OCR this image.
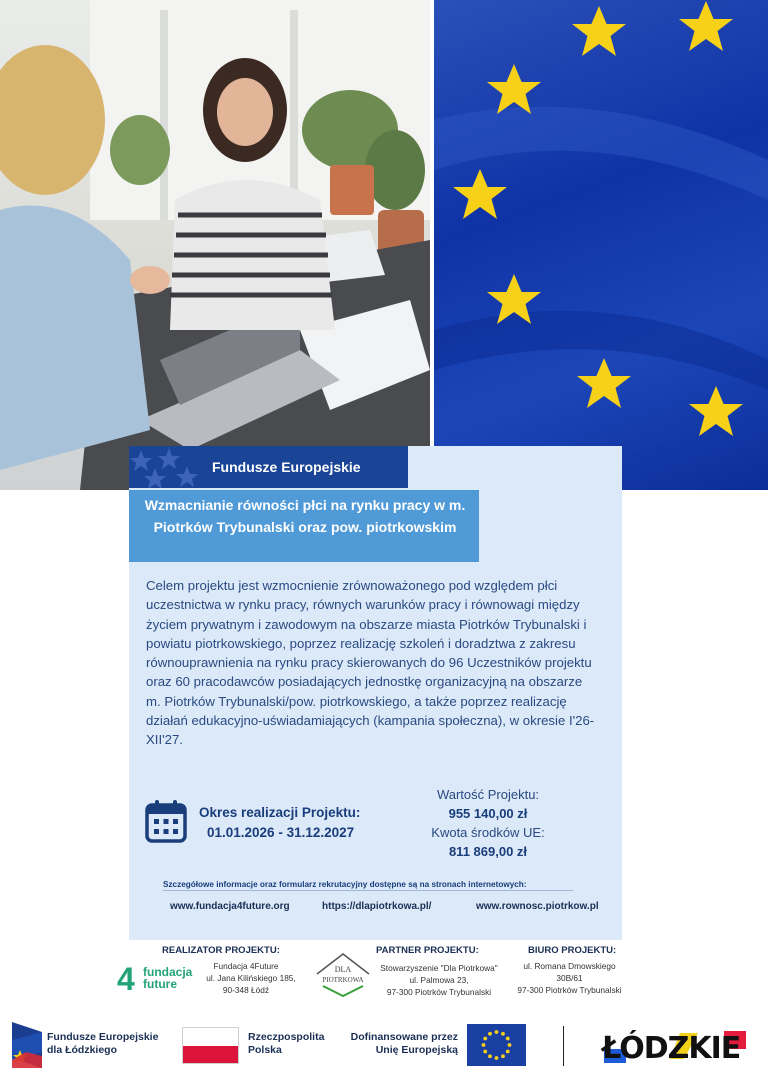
Fundusze Europejskie
Wzmacnianie równości płci na rynku pracy w m. Piotrków Trybunalski oraz pow. piotrkowskim

Celem projektu jest wzmocnienie zrównoważonego pod względem płci uczestnictwa w rynku pracy, równych warunków pracy i równowagi między życiem prywatnym i zawodowym na obszarze miasta Piotrków Trybunalski i powiatu piotrkowskiego, poprzez realizację szkoleń i doradztwa z zakresu równouprawnienia na rynku pracy skierowanych do 96 Uczestników projektu oraz 60 pracodawców posiadających jednostkę organizacyjną na obszarze m. Piotrków Trybunalski/pow. piotrkowskiego, a także poprzez realizację działań edukacyjno-uświadamiających (kampania społeczna), w okresie I'26-XII'27.

Okres realizacji Projektu:
01.01.2026 - 31.12.2027
Wartość Projektu:
955 140,00 zł
Kwota środków UE:
811 869,00 zł
Szczegółowe informacje oraz formularz rekrutacyjny dostępne są na stronach internetowych:
www.fundacja4future.org	https://dlapiotrkowa.pl/	www.rownosc.piotrkow.pl
REALIZATOR PROJEKTU:
4 fundacja
future
Fundacja 4Future
ul. Jana Kilińskiego 185,
90-348 Łódź
PARTNER PROJEKTU:
DLA
PIOTRKOWA
Stowarzyszenie "Dla Piotrkowa"
ul. Palmowa 23,
97-300 Piotrków Trybunalski
BIURO PROJEKTU:
ul. Romana Dmowskiego
30B/61
97-300 Piotrków Trybunalski
Fundusze Europejskie dla Łódzkiego
Rzeczpospolita Polska
Dofinansowane przez Unię Europejską	ŁÓDZKIE
